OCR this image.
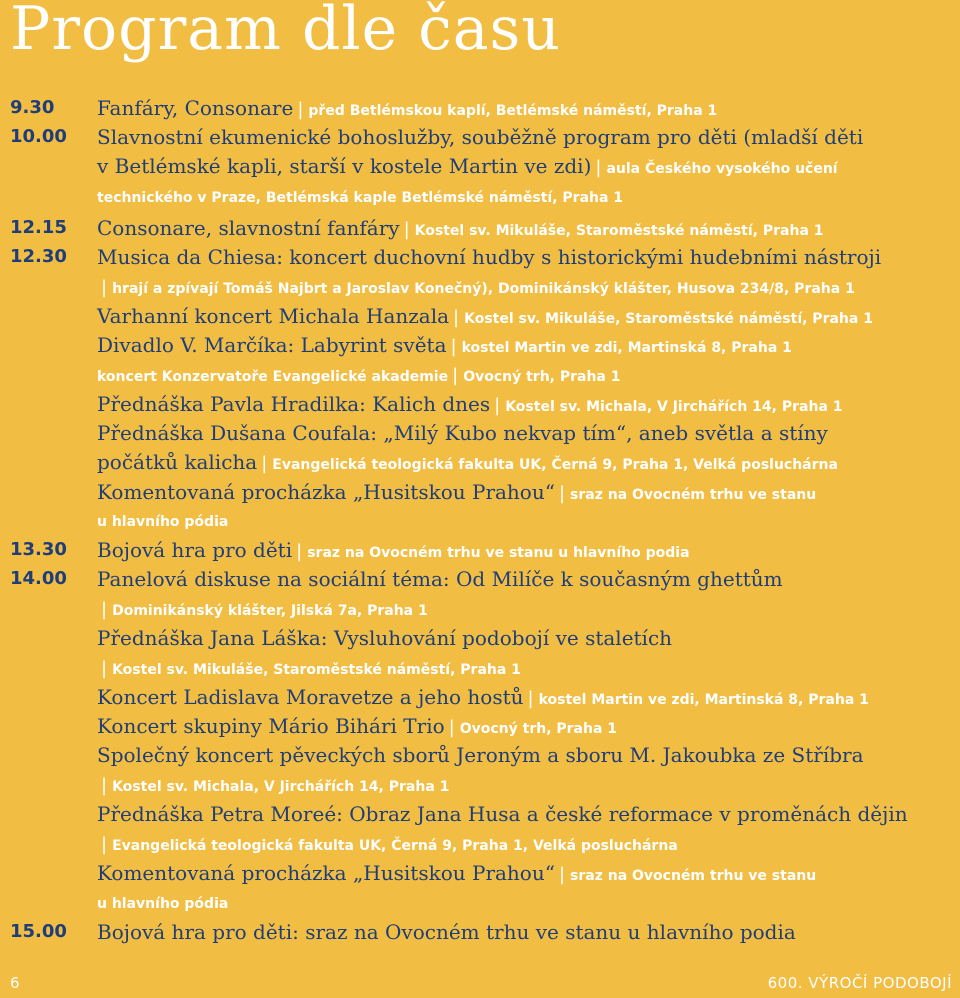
Program dle času
9.30
10.00
12.15
12.30
13.30
14.00
15.00
Fanfáry, Consonare | před Betlémskou kaplí, Betlémské náměstí, Praha 1
Slavnostní ekumenické bohoslužby, souběžně program pro děti (mladší děti
v Betlémské kapli, starší v kostele Martin ve zdi) | aula Českého vysokého učení
technického v Praze, Betlémská kaple Betlémské náměstí, Praha 1
Consonare, slavnostní fanfáry | Kostel sv. Mikuláše, Staroměstské náměstí, Praha 1
Musica da Chiesa: koncert duchovní hudby s historickými hudebními nástroji
| hrají a zpívají Tomáš Najbrt a Jaroslav Konečný), Dominikánský klášter, Husova 234/8, Praha 1
Varhanní koncert Michala Hanzala | Kostel sv. Mikuláše, Staroměstské náměstí, Praha 1
Divadlo V. Marčíka: Labyrint světa | kostel Martin ve zdi, Martinská 8, Praha 1
koncert Konzervatoře Evangelické akademie | Ovocný trh, Praha 1
Přednáška Pavla Hradilka: Kalich dnes | Kostel sv. Michala, V Jirchářích 14, Praha 1
Přednáška Dušana Coufala: „Milý Kubo nekvap tím“, aneb světla a stíny
počátků kalicha | Evangelická teologická fakulta UK, Černá 9, Praha 1, Velká posluchárna
Komentovaná procházka „Husitskou Prahou“ | sraz na Ovocném trhu ve stanu
u hlavního pódia
Bojová hra pro děti | sraz na Ovocném trhu ve stanu u hlavního podia
Panelová diskuse na sociální téma: Od Milíče k současným ghettům
| Dominikánský klášter, Jilská 7a, Praha 1
Přednáška Jana Láška: Vysluhování podobojí ve staletích
| Kostel sv. Mikuláše, Staroměstské náměstí, Praha 1
Koncert Ladislava Moravetze a jeho hostů | kostel Martin ve zdi, Martinská 8, Praha 1
Koncert skupiny Mário Bihári Trio | Ovocný trh, Praha 1
Společný koncert pěveckých sborů Jeroným a sboru M. Jakoubka ze Stříbra
| Kostel sv. Michala, V Jirchářích 14, Praha 1
Přednáška Petra Moreé: Obraz Jana Husa a české reformace v proměnách dějin
| Evangelická teologická fakulta UK, Černá 9, Praha 1, Velká posluchárna
Komentovaná procházka „Husitskou Prahou“ | sraz na Ovocném trhu ve stanu
u hlavního pódia
Bojová hra pro děti: sraz na Ovocném trhu ve stanu u hlavního podia
6	600. VÝROČÍ PODOBOJÍ
